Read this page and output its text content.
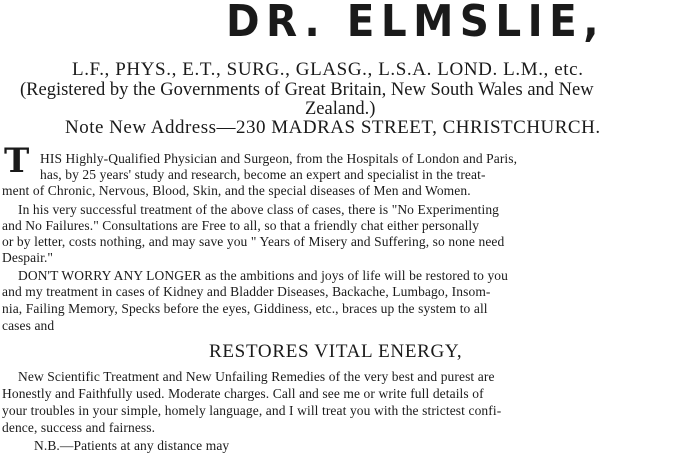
DR. ELMSLIE,
L.F., PHYS., E.T., SURG., GLASG., L.S.A. LOND. L.M., etc.
(Registered by the Governments of Great Britain, New South Wales and New
Zealand.)
Note New Address—230 MADRAS STREET, CHRISTCHURCH.
T HIS Highly-Qualified Physician and Surgeon, from the Hospitals of London and Paris,
has, by 25 years' study and research, become an expert and specialist in the treat-
ment of Chronic, Nervous, Blood, Skin, and the special diseases of Men and Women.
In his very successful treatment of the above class of cases, there is "No Experimenting
and No Failures." Consultations are Free to all, so that a friendly chat either personally
or by letter, costs nothing, and may save you " Years of Misery and Suffering, so none need
Despair."
DON'T WORRY ANY LONGER as the ambitions and joys of life will be restored to you
and my treatment in cases of Kidney and Bladder Diseases, Backache, Lumbago, Insom-
nia, Failing Memory, Specks before the eyes, Giddiness, etc., braces up the system to all
cases and
RESTORES VITAL ENERGY,
New Scientific Treatment and New Unfailing Remedies of the very best and purest are
Honestly and Faithfully used. Moderate charges. Call and see me or write full details of
your troubles in your simple, homely language, and I will treat you with the strictest confi-
dence, success and fairness.
N.B.—Patients at any distance may
